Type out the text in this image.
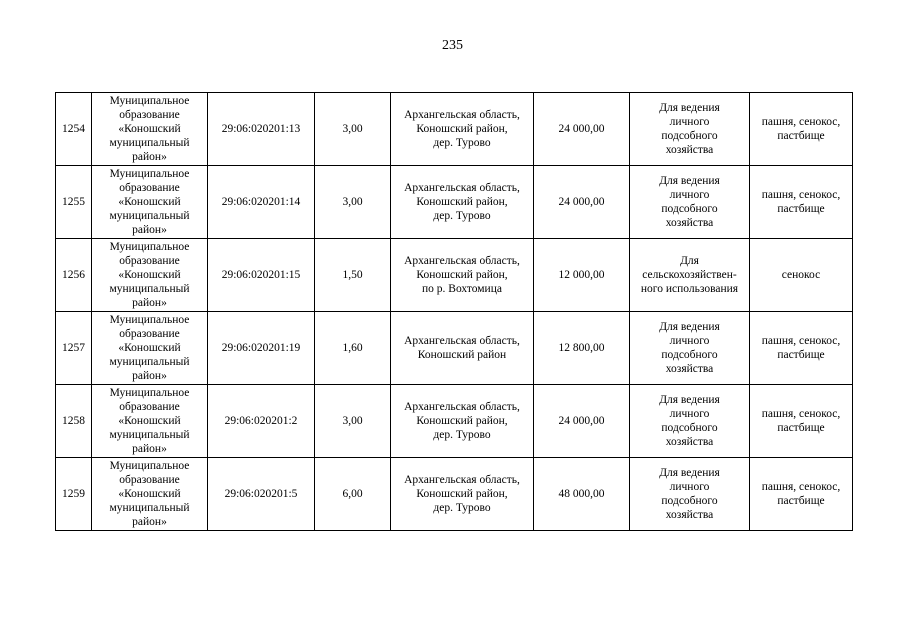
235
1254	Муниципальное
образование
«Коношский
муниципальный
район»	29:06:020201:13	3,00	Архангельская область,
Коношский район,
дер. Турово	24 000,00	Для ведения
личного
подсобного
хозяйства	пашня, сенокос,
пастбище

1255	Муниципальное
образование
«Коношский
муниципальный
район»	29:06:020201:14	3,00	Архангельская область,
Коношский район,
дер. Турово	24 000,00	Для ведения
личного
подсобного
хозяйства	пашня, сенокос,
пастбище

1256	Муниципальное
образование
«Коношский
муниципальный
район»	29:06:020201:15	1,50	Архангельская область,
Коношский район,
по р. Вохтомица	12 000,00	Для
сельскохозяйствен-
ного использования	сенокос

1257	Муниципальное
образование
«Коношский
муниципальный
район»	29:06:020201:19	1,60	Архангельская область,
Коношский район	12 800,00	Для ведения
личного
подсобного
хозяйства	пашня, сенокос,
пастбище

1258	Муниципальное
образование
«Коношский
муниципальный
район»	29:06:020201:2	3,00	Архангельская область,
Коношский район,
дер. Турово	24 000,00	Для ведения
личного
подсобного
хозяйства	пашня, сенокос,
пастбище

1259	Муниципальное
образование
«Коношский
муниципальный
район»	29:06:020201:5	6,00	Архангельская область,
Коношский район,
дер. Турово	48 000,00	Для ведения
личного
подсобного
хозяйства	пашня, сенокос,
пастбище
